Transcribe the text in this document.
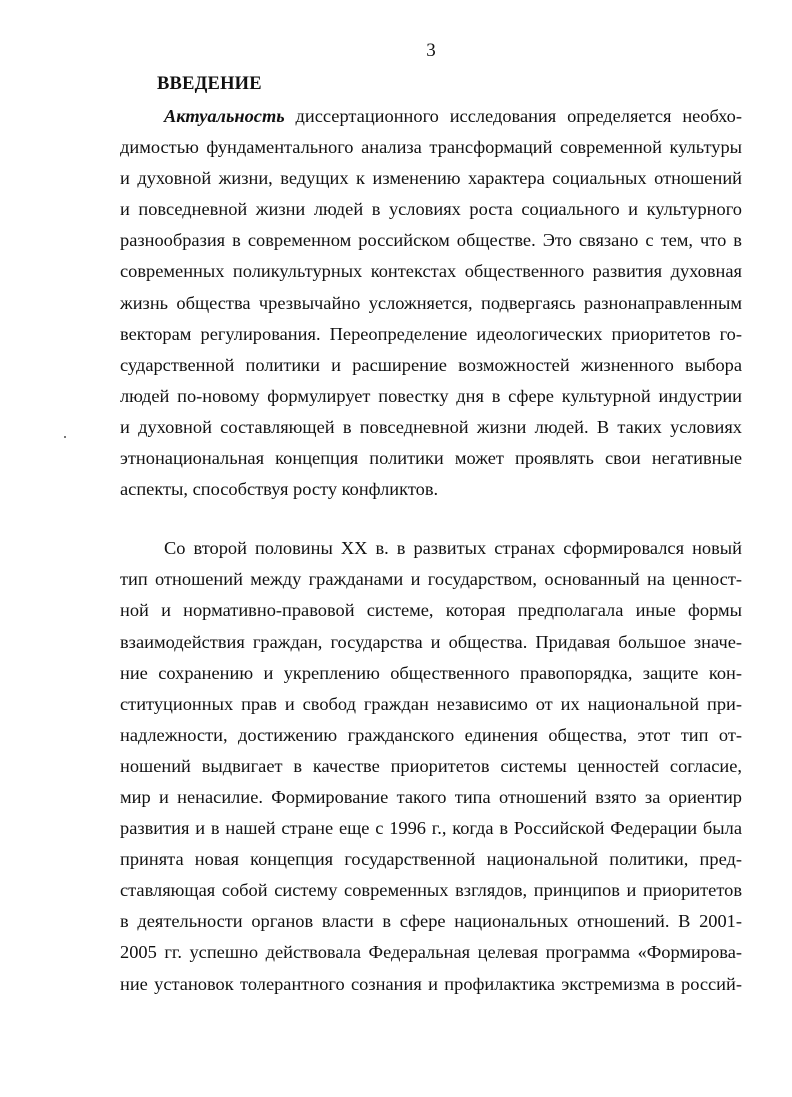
3
ВВЕДЕНИЕ
Актуальность диссертационного исследования определяется необхо-
димостью фундаментального анализа трансформаций современной культуры
и духовной жизни, ведущих к изменению характера социальных отношений
и повседневной жизни людей в условиях роста социального и культурного
разнообразия в современном российском обществе. Это связано с тем, что в
современных поликультурных контекстах общественного развития духовная
жизнь общества чрезвычайно усложняется, подвергаясь разнонаправленным
векторам регулирования. Переопределение идеологических приоритетов го-
сударственной политики и расширение возможностей жизненного выбора
людей по-новому формулирует повестку дня в сфере культурной индустрии
и духовной составляющей в повседневной жизни людей. В таких условиях
этнонациональная концепция политики может проявлять свои негативные
аспекты, способствуя росту конфликтов.
Со второй половины XX в. в развитых странах сформировался новый
тип отношений между гражданами и государством, основанный на ценност-
ной и нормативно-правовой системе, которая предполагала иные формы
взаимодействия граждан, государства и общества. Придавая большое значе-
ние сохранению и укреплению общественного правопорядка, защите кон-
ституционных прав и свобод граждан независимо от их национальной при-
надлежности, достижению гражданского единения общества, этот тип от-
ношений выдвигает в качестве приоритетов системы ценностей согласие,
мир и ненасилие. Формирование такого типа отношений взято за ориентир
развития и в нашей стране еще с 1996 г., когда в Российской Федерации была
принята новая концепция государственной национальной политики, пред-
ставляющая собой систему современных взглядов, принципов и приоритетов
в деятельности органов власти в сфере национальных отношений. В 2001-
2005 гг. успешно действовала Федеральная целевая программа «Формирова-
ние установок толерантного сознания и профилактика экстремизма в россий-
